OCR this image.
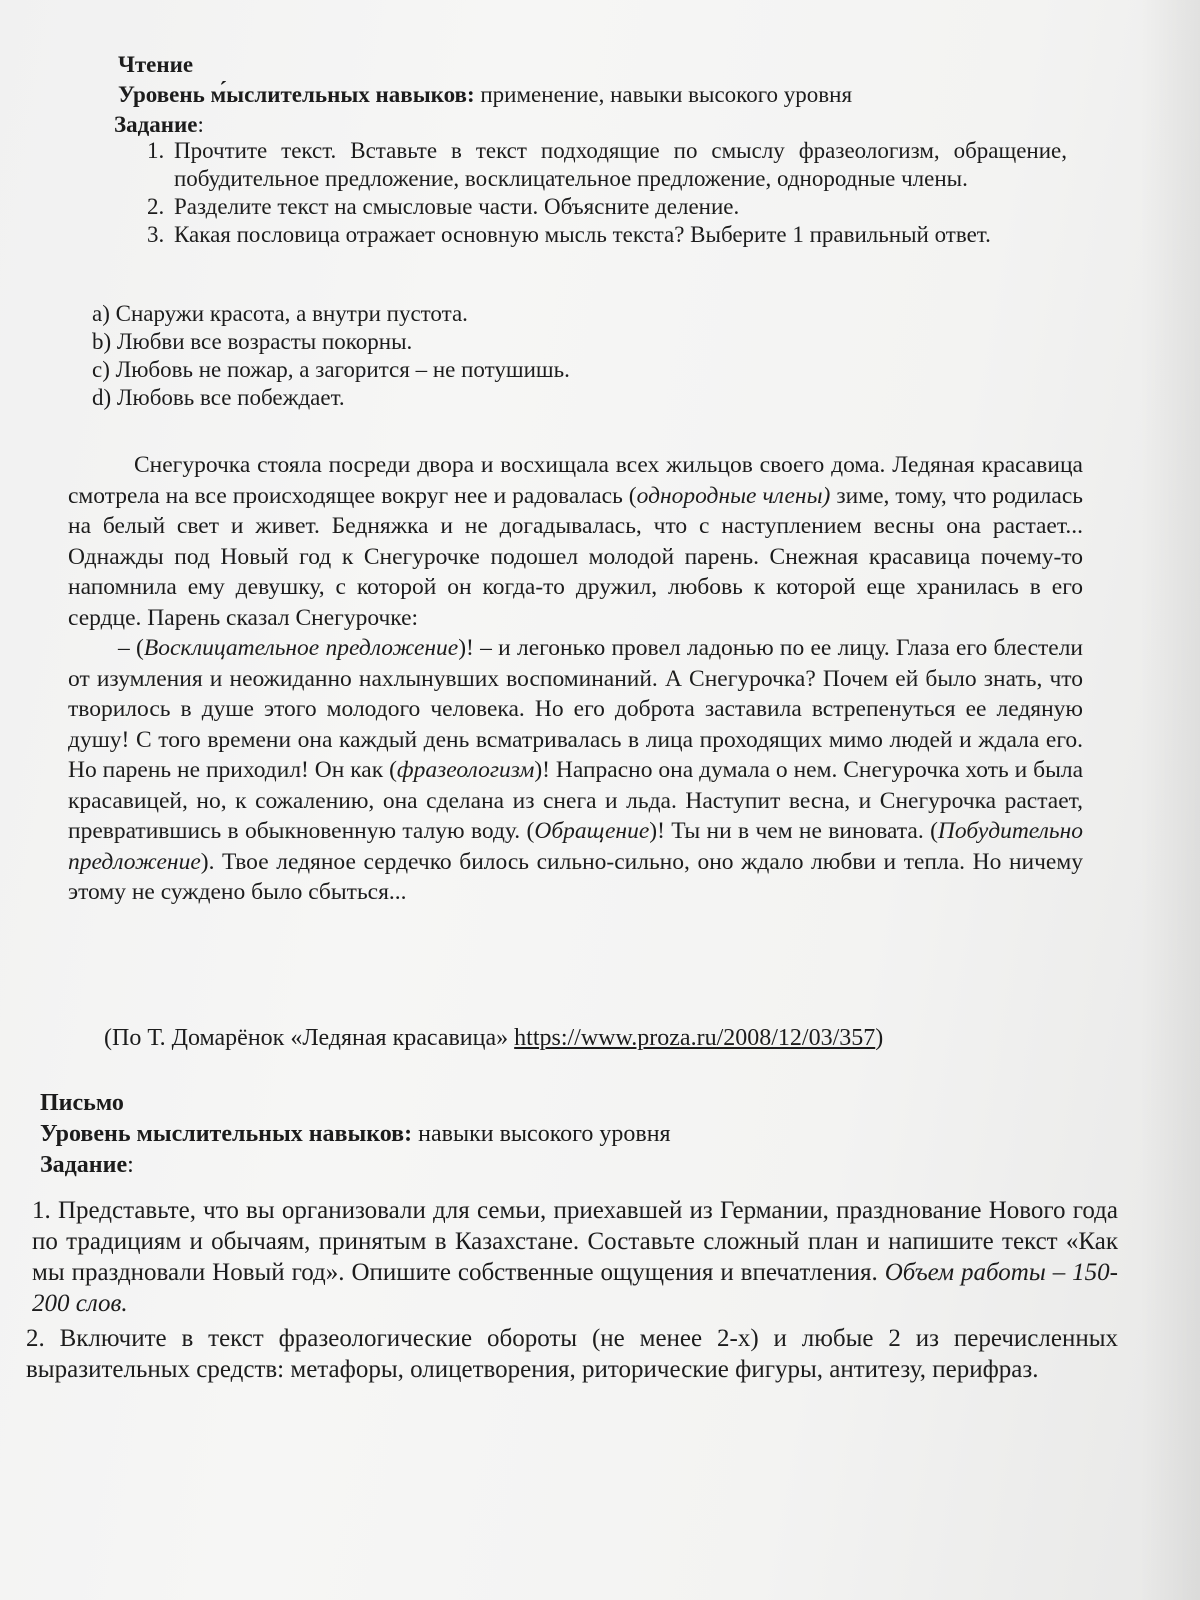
Чтение
Уровень м́ыслительных навыков: применение, навыки высокого уровня
Задание:
1. Прочтите текст. Вставьте в текст подходящие по смыслу фразеологизм, обращение, побудительное предложение, восклицательное предложение, однородные члены.
2. Разделите текст на смысловые части. Объясните деление.
3. Какая пословица отражает основную мысль текста? Выберите 1 правильный ответ.
a) Снаружи красота, а внутри пустота.
b) Любви все возрасты покорны.
c) Любовь не пожар, а загорится – не потушишь.
d) Любовь все побеждает.

Снегурочка стояла посреди двора и восхищала всех жильцов своего дома. Ледяная красавица смотрела на все происходящее вокруг нее и радовалась (однородные члены) зиме, тому, что родилась на белый свет и живет. Бедняжка и не догадывалась, что с наступлением весны она растает... Однажды под Новый год к Снегурочке подошел молодой парень. Снежная красавица почему-то напомнила ему девушку, с которой он когда-то дружил, любовь к которой еще хранилась в его сердце. Парень сказал Снегурочке:

– (Восклицательное предложение)! – и легонько провел ладонью по ее лицу. Глаза его блестели от изумления и неожиданно нахлынувших воспоминаний. А Снегурочка? Почем ей было знать, что творилось в душе этого молодого человека. Но его доброта заставила встрепенуться ее ледяную душу! С того времени она каждый день всматривалась в лица проходящих мимо людей и ждала его. Но парень не приходил! Он как (фразеологизм)! Напрасно она думала о нем. Снегурочка хоть и была красавицей, но, к сожалению, она сделана из снега и льда. Наступит весна, и Снегурочка растает, превратившись в обыкновенную талую воду. (Обращение)! Ты ни в чем не виновата. (Побудительно предложение). Твое ледяное сердечко билось сильно-сильно, оно ждало любви и тепла. Но ничему этому не суждено было сбыться...

(По Т. Домарёнок «Ледяная красавица» https://www.proza.ru/2008/12/03/357)
Письмо
Уровень мыслительных навыков: навыки высокого уровня
Задание:

1. Представьте, что вы организовали для семьи, приехавшей из Германии, празднование Нового года по традициям и обычаям, принятым в Казахстане. Составьте сложный план и напишите текст «Как мы праздновали Новый год». Опишите собственные ощущения и впечатления. Объем работы – 150-200 слов.

2. Включите в текст фразеологические обороты (не менее 2-х) и любые 2 из перечисленных выразительных средств: метафоры, олицетворения, риторические фигуры, антитезу, перифраз.
